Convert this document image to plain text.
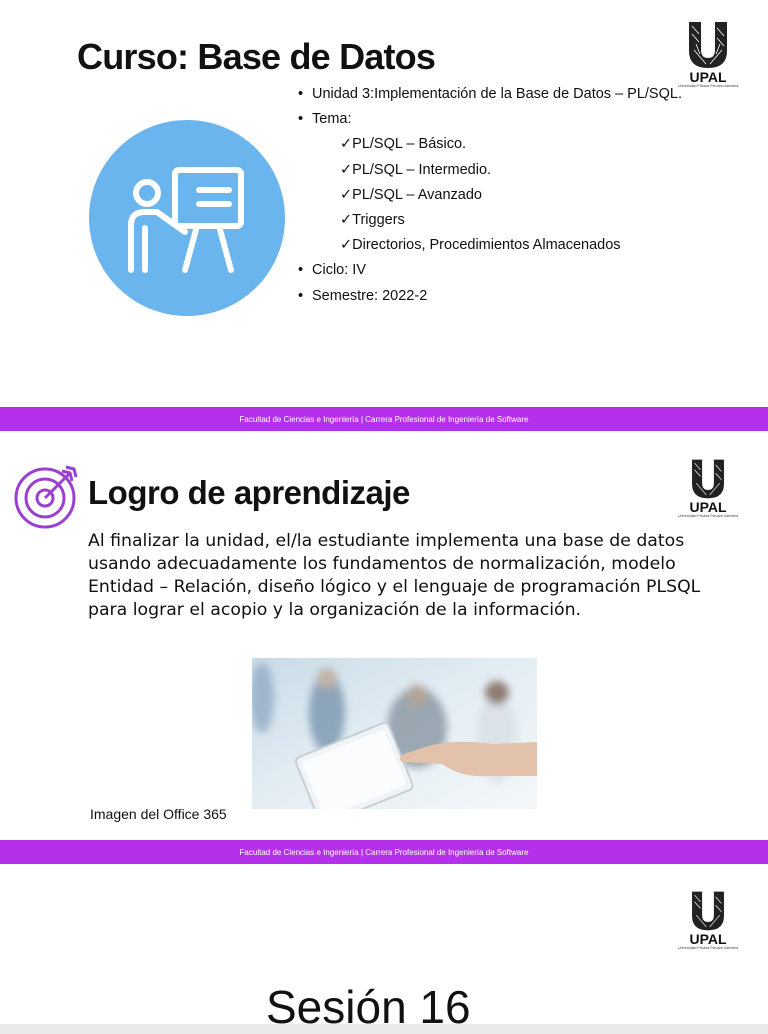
Curso: Base de Datos	UPAL
Universidad Privada Peruano Alemana
• Unidad 3:Implementación de la Base de Datos – PL/SQL.
• Tema:
✓PL/SQL – Básico.
✓PL/SQL – Intermedio.
✓PL/SQL – Avanzado
✓Triggers
✓Directorios, Procedimientos Almacenados
• Ciclo: IV
• Semestre: 2022-2
Facultad de Ciencias e Ingeniería | Carrera Profesional de Ingeniería de Software
Facultad de Ciencias e Ingeniería | Carrera Profesional de Ingeniería de Software
Logro de aprendizaje	UPAL
Universidad Privada Peruano Alemana
Al finalizar la unidad, el/la estudiante implementa una base de datos
usando adecuadamente los fundamentos de normalización, modelo
Entidad – Relación, diseño lógico y el lenguaje de programación PLSQL
para lograr el acopio y la organización de la información.
Imagen del Office 365
UPAL
Universidad Privada Peruano Alemana
Sesión 16
